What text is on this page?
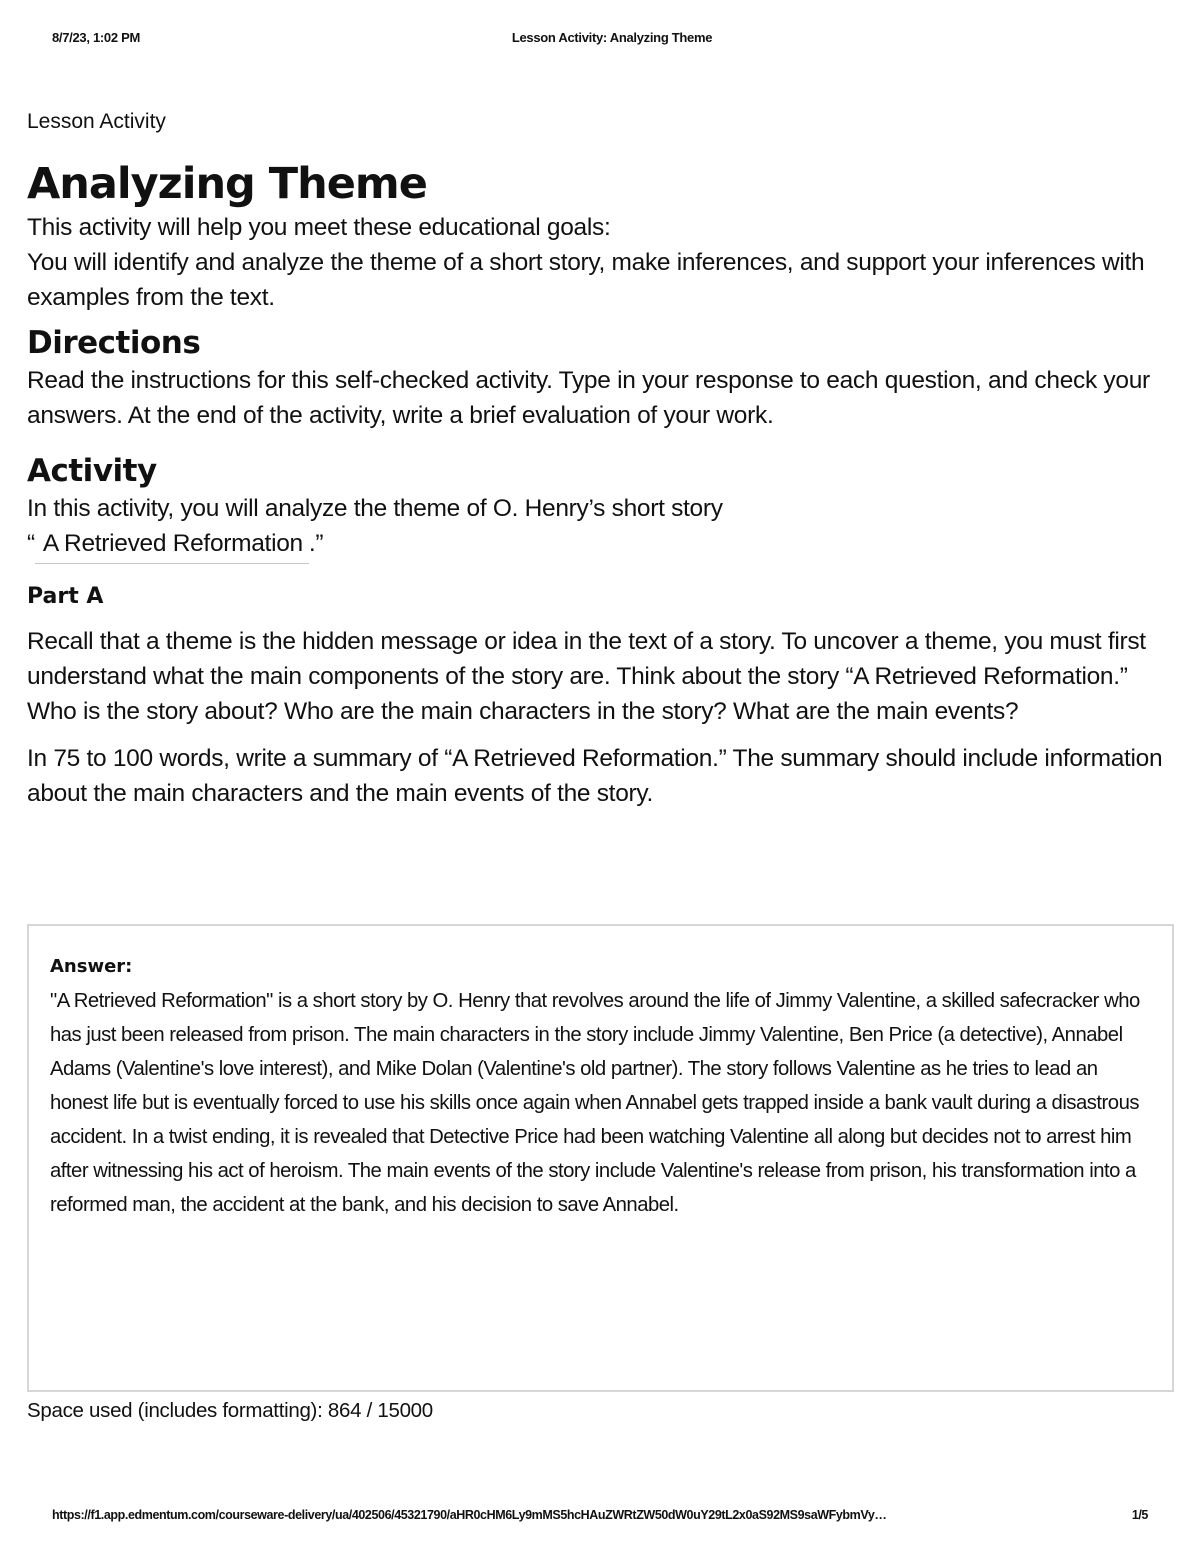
8/7/23, 1:02 PM	Lesson Activity: Analyzing Theme
Lesson Activity
Analyzing Theme

This activity will help you meet these educational goals:

You will identify and analyze the theme of a short story, make inferences, and support your inferences with examples from the text.

Directions

Read the instructions for this self-checked activity. Type in your response to each question, and check your answers. At the end of the activity, write a brief evaluation of your work.

Activity

In this activity, you will analyze the theme of O. Henry’s short story

“ A Retrieved Reformation .”

Part A

Recall that a theme is the hidden message or idea in the text of a story. To uncover a theme, you must first understand what the main components of the story are. Think about the story “A Retrieved Reformation.” Who is the story about? Who are the main characters in the story? What are the main events?

In 75 to 100 words, write a summary of “A Retrieved Reformation.” The summary should include information about the main characters and the main events of the story.

Answer:

"A Retrieved Reformation" is a short story by O. Henry that revolves around the life of Jimmy Valentine, a skilled safecracker who has just been released from prison. The main characters in the story include Jimmy Valentine, Ben Price (a detective), Annabel Adams (Valentine's love interest), and Mike Dolan (Valentine's old partner). The story follows Valentine as he tries to lead an honest life but is eventually forced to use his skills once again when Annabel gets trapped inside a bank vault during a disastrous accident. In a twist ending, it is revealed that Detective Price had been watching Valentine all along but decides not to arrest him after witnessing his act of heroism. The main events of the story include Valentine's release from prison, his transformation into a reformed man, the accident at the bank, and his decision to save Annabel.

Space used (includes formatting): 864 / 15000
https://f1.app.edmentum.com/courseware-delivery/ua/402506/45321790/aHR0cHM6Ly9mMS5hcHAuZWRtZW50dW0uY29tL2x0aS92MS9saWFybmVy…	1/5
